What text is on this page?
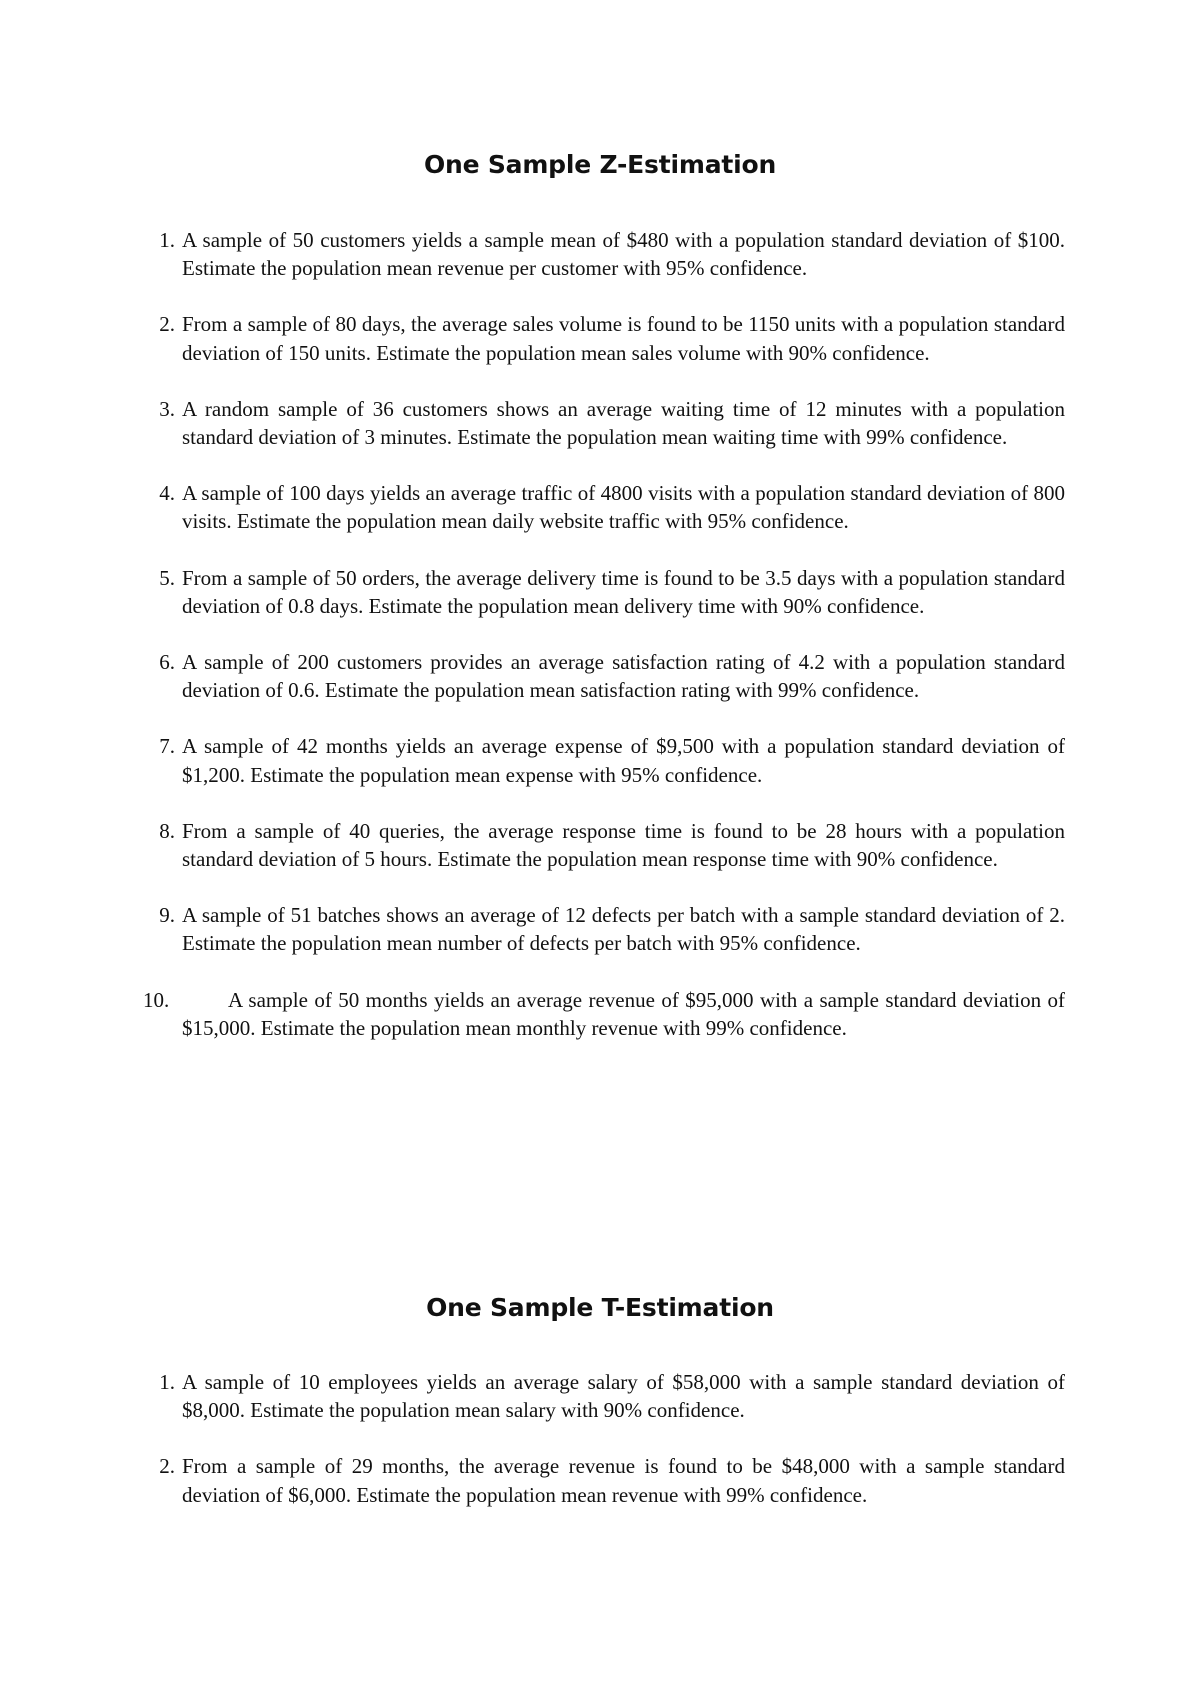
One Sample Z-Estimation
1. A sample of 50 customers yields a sample mean of $480 with a population standard deviation of $100. Estimate the population mean revenue per customer with 95% confidence.
2. From a sample of 80 days, the average sales volume is found to be 1150 units with a population standard deviation of 150 units. Estimate the population mean sales volume with 90% confidence.
3. A random sample of 36 customers shows an average waiting time of 12 minutes with a population standard deviation of 3 minutes. Estimate the population mean waiting time with 99% confidence.
4. A sample of 100 days yields an average traffic of 4800 visits with a population standard deviation of 800 visits. Estimate the population mean daily website traffic with 95% confidence.
5. From a sample of 50 orders, the average delivery time is found to be 3.5 days with a population standard deviation of 0.8 days. Estimate the population mean delivery time with 90% confidence.
6. A sample of 200 customers provides an average satisfaction rating of 4.2 with a population standard deviation of 0.6. Estimate the population mean satisfaction rating with 99% confidence.
7. A sample of 42 months yields an average expense of $9,500 with a population standard deviation of $1,200. Estimate the population mean expense with 95% confidence.
8. From a sample of 40 queries, the average response time is found to be 28 hours with a population standard deviation of 5 hours. Estimate the population mean response time with 90% confidence.
9. A sample of 51 batches shows an average of 12 defects per batch with a sample standard deviation of 2. Estimate the population mean number of defects per batch with 95% confidence.
10.	A sample of 50 months yields an average revenue of $95,000 with a sample standard deviation of $15,000. Estimate the population mean monthly revenue with 99% confidence.
One Sample T-Estimation
1. A sample of 10 employees yields an average salary of $58,000 with a sample standard deviation of $8,000. Estimate the population mean salary with 90% confidence.
2. From a sample of 29 months, the average revenue is found to be $48,000 with a sample standard deviation of $6,000. Estimate the population mean revenue with 99% confidence.
